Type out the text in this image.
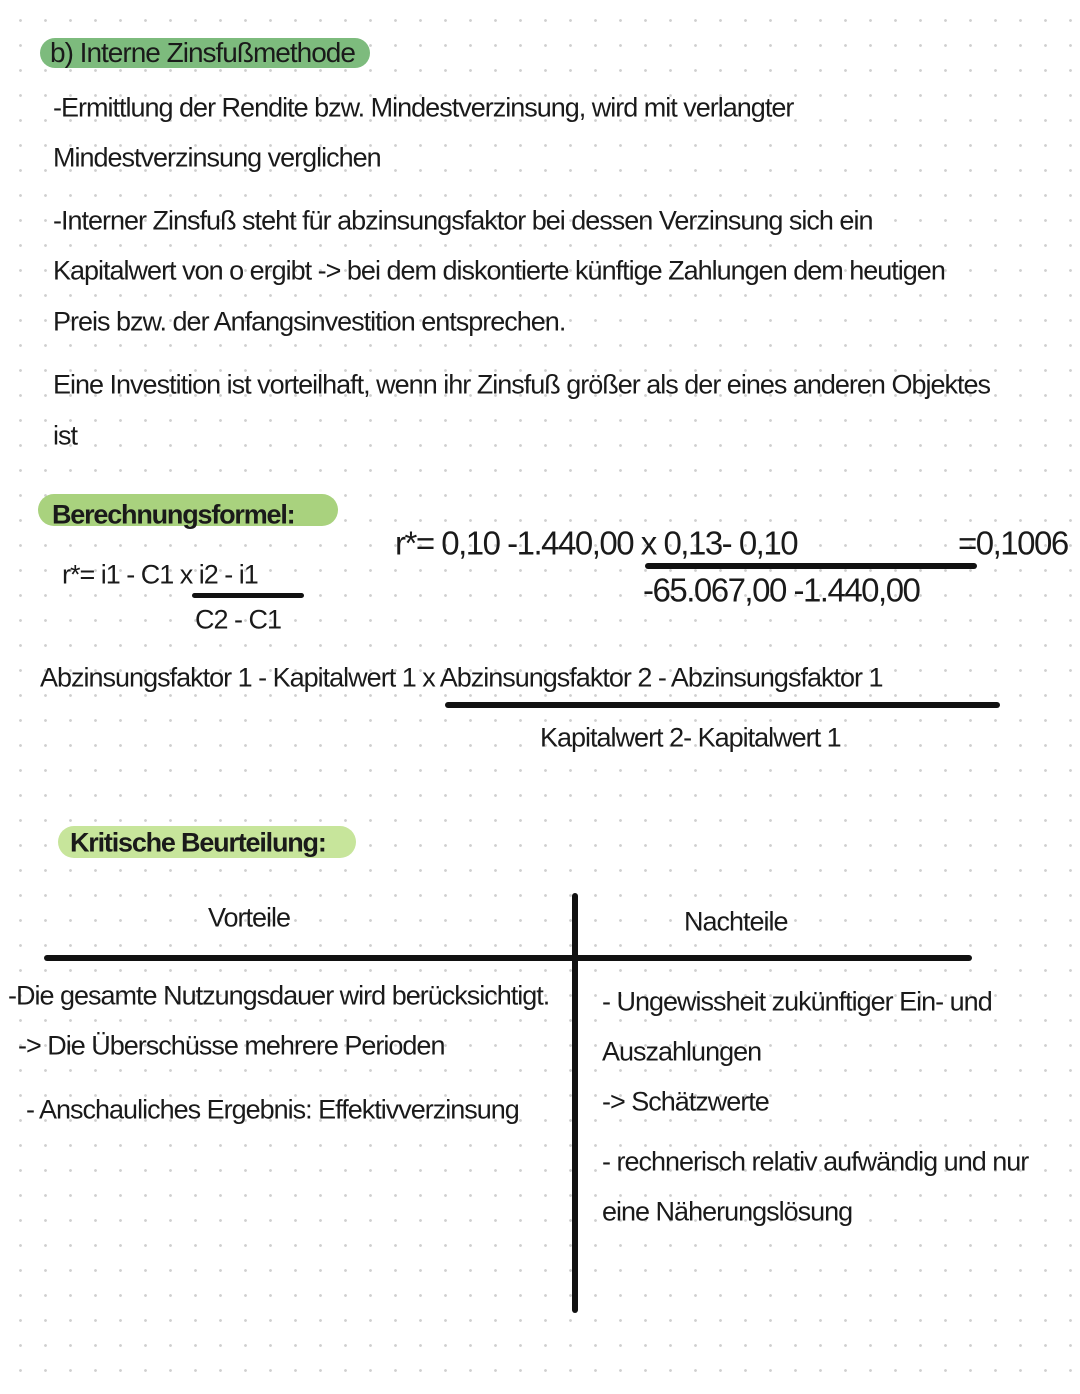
b) Interne Zinsfußmethode
-Ermittlung der Rendite bzw. Mindestverzinsung, wird mit verlangter
Mindestverzinsung verglichen
-Interner Zinsfuß steht für abzinsungsfaktor bei dessen Verzinsung sich ein
Kapitalwert von o ergibt -> bei dem diskontierte künftige Zahlungen dem heutigen
Preis bzw. der Anfangsinvestition entsprechen.
Eine Investition ist vorteilhaft, wenn ihr Zinsfuß größer als der eines anderen Objektes
ist
Berechnungsformel:
r*= i1 - C1 x i2 - i1
C2 - C1
r*= 0,10 -1.440,00 x 0,13- 0,10	=0,1006
-65.067,00 -1.440,00
Abzinsungsfaktor 1 - Kapitalwert 1 x Abzinsungsfaktor 2 - Abzinsungsfaktor 1
Kapitalwert 2- Kapitalwert 1
Kritische Beurteilung:
Vorteile	Nachteile
-Die gesamte Nutzungsdauer wird berücksichtigt.
-> Die Überschüsse mehrere Perioden
- Anschauliches Ergebnis: Effektivverzinsung
- Ungewissheit zukünftiger Ein- und
Auszahlungen
-> Schätzwerte
- rechnerisch relativ aufwändig und nur
eine Näherungslösung
